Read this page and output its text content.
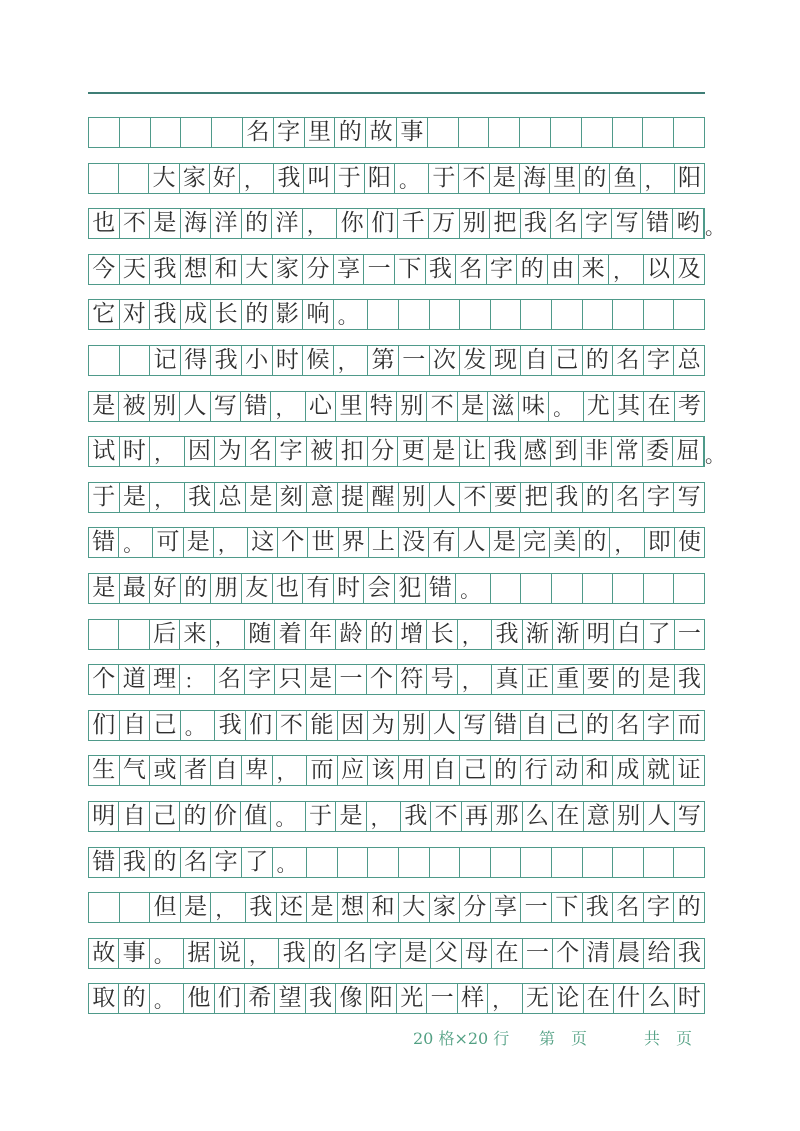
名 字 里 的 故 事
大 家 好 ， 我 叫 于 阳 。 于 不 是 海 里 的 鱼 ， 阳
也 不 是 海 洋 的 洋 ， 你 们 千 万 别 把 我 名 字 写 错 哟 。
今 天 我 想 和 大 家 分 享 一 下 我 名 字 的 由 来 ， 以 及
它 对 我 成 长 的 影 响 。
记 得 我 小 时 候 ， 第 一 次 发 现 自 己 的 名 字 总
是 被 别 人 写 错 ， 心 里 特 别 不 是 滋 味 。 尤 其 在 考
试 时 ， 因 为 名 字 被 扣 分 更 是 让 我 感 到 非 常 委 屈 。
于 是 ， 我 总 是 刻 意 提 醒 别 人 不 要 把 我 的 名 字 写
错 。 可 是 ， 这 个 世 界 上 没 有 人 是 完 美 的 ， 即 使
是 最 好 的 朋 友 也 有 时 会 犯 错 。
后 来 ， 随 着 年 龄 的 增 长 ， 我 渐 渐 明 白 了 一
个 道 理 ： 名 字 只 是 一 个 符 号 ， 真 正 重 要 的 是 我
们 自 己 。 我 们 不 能 因 为 别 人 写 错 自 己 的 名 字 而
生 气 或 者 自 卑 ， 而 应 该 用 自 己 的 行 动 和 成 就 证
明 自 己 的 价 值 。 于 是 ， 我 不 再 那 么 在 意 别 人 写
错 我 的 名 字 了 。
但 是 ， 我 还 是 想 和 大 家 分 享 一 下 我 名 字 的
故 事 。 据 说 ， 我 的 名 字 是 父 母 在 一 个 清 晨 给 我
取 的 。 他 们 希 望 我 像 阳 光 一 样 ， 无 论 在 什 么 时
20 格×20 行 第　页	共　页
